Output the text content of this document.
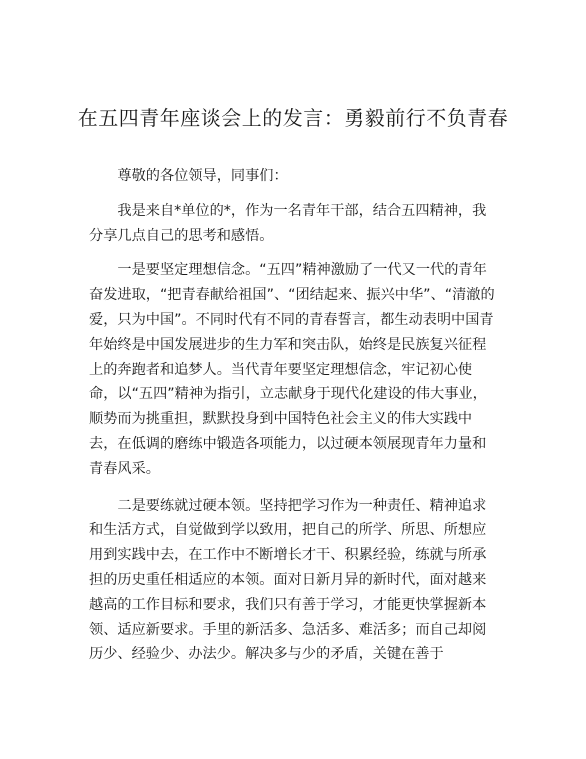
在五四青年座谈会上的发言：勇毅前行不负青春

尊敬的各位领导，同事们：

我是来自*单位的*，作为一名青年干部，结合五四精神，我分享几点自己的思考和感悟。

一是要坚定理想信念。“五四”精神激励了一代又一代的青年奋发进取，“把青春献给祖国”、“团结起来、振兴中华”、“清澈的爱，只为中国”。不同时代有不同的青春誓言，都生动表明中国青年始终是中国发展进步的生力军和突击队，始终是民族复兴征程上的奔跑者和追梦人。当代青年要坚定理想信念，牢记初心使命，以“五四”精神为指引，立志献身于现代化建设的伟大事业，顺势而为挑重担，默默投身到中国特色社会主义的伟大实践中去，在低调的磨练中锻造各项能力，以过硬本领展现青年力量和青春风采。

二是要练就过硬本领。坚持把学习作为一种责任、精神追求和生活方式，自觉做到学以致用，把自己的所学、所思、所想应用到实践中去，在工作中不断增长才干、积累经验，练就与所承担的历史重任相适应的本领。面对日新月异的新时代，面对越来越高的工作目标和要求，我们只有善于学习，才能更快掌握新本领、适应新要求。手里的新活多、急活多、难活多；而自己却阅历少、经验少、办法少。解决多与少的矛盾，关键在善于
